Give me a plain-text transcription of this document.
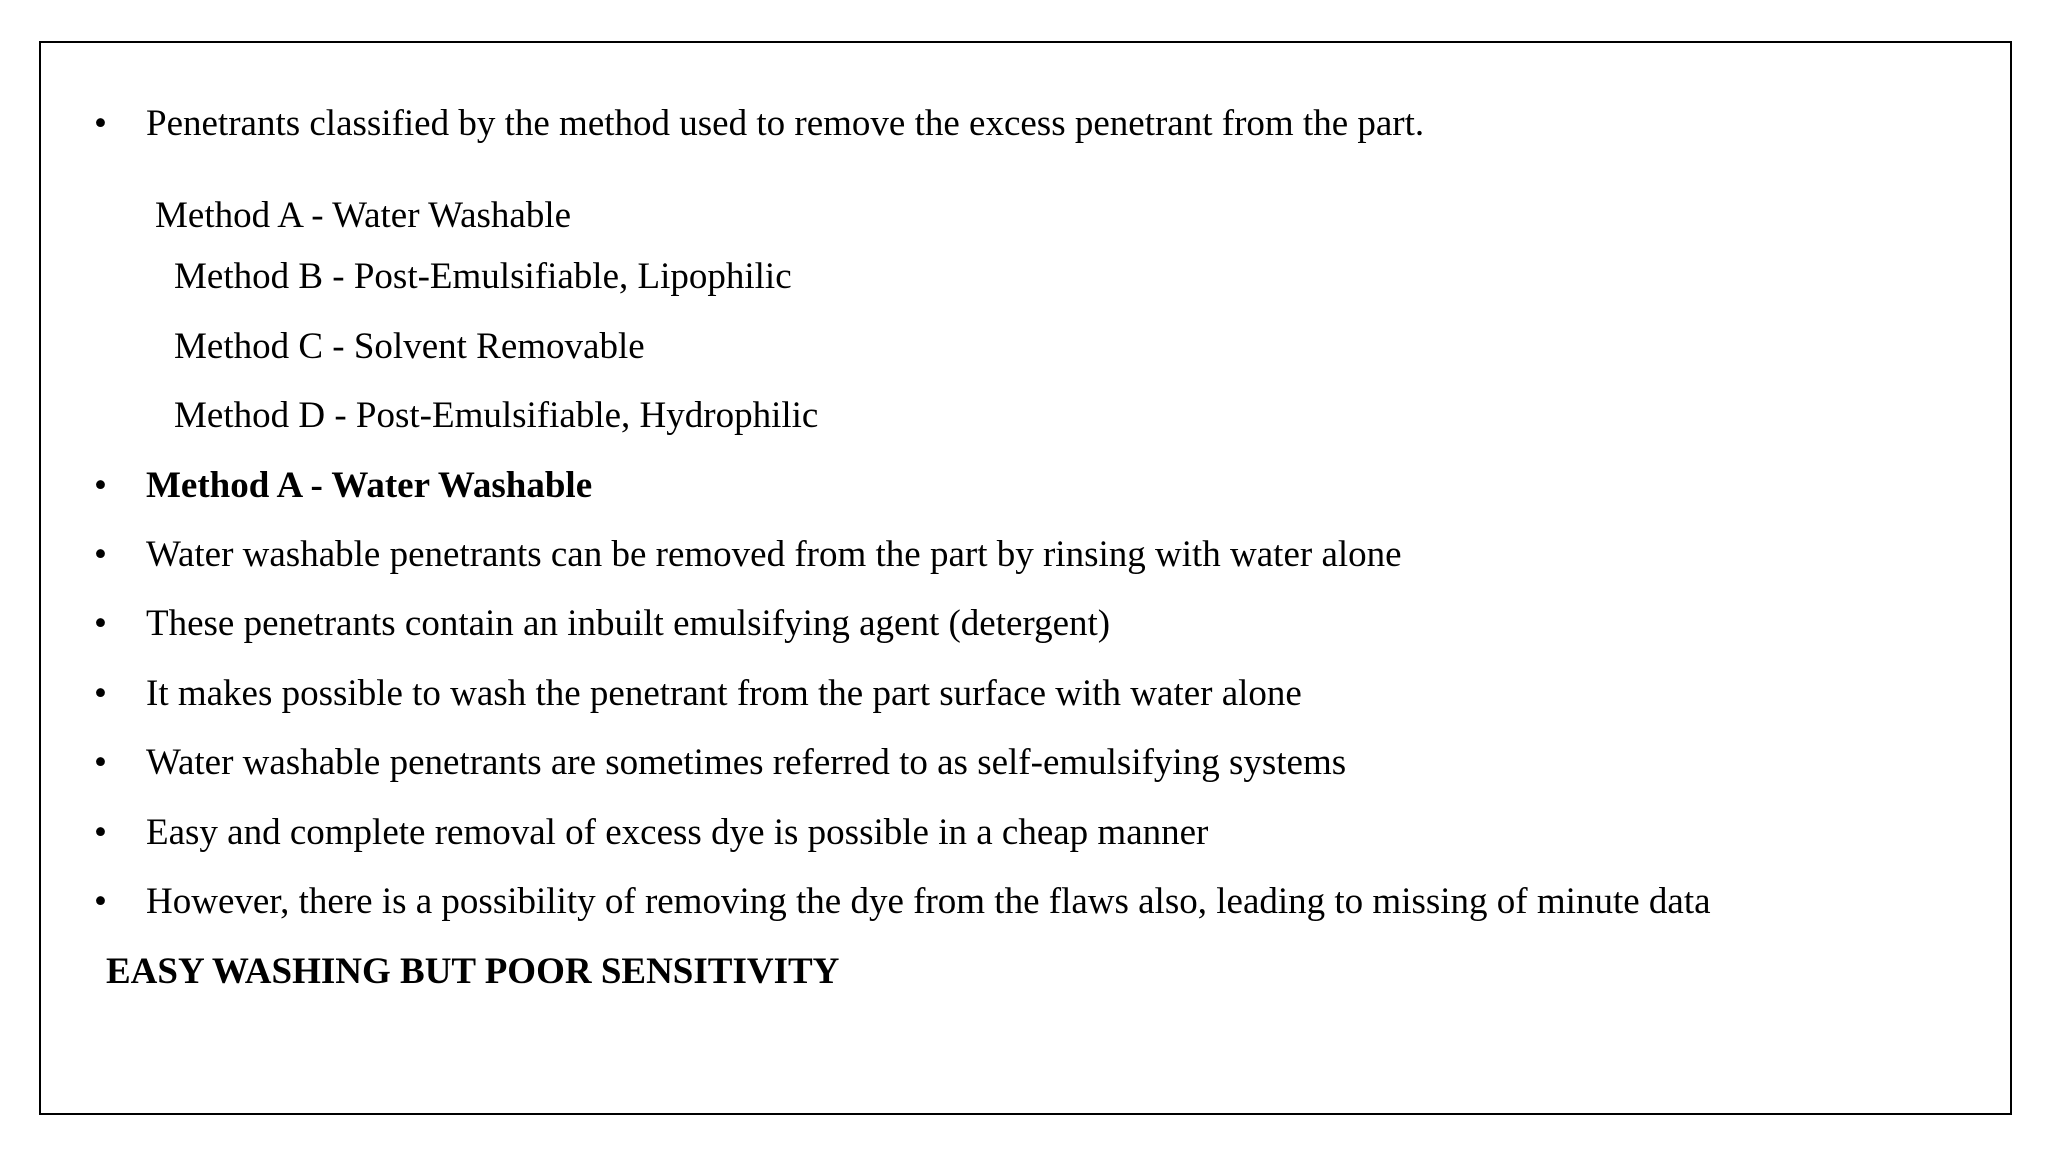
• Penetrants classified by the method used to remove the excess penetrant from the part.
Method A - Water Washable
Method B - Post-Emulsifiable, Lipophilic
Method C - Solvent Removable
Method D - Post-Emulsifiable, Hydrophilic
• Method A - Water Washable
• Water washable penetrants can be removed from the part by rinsing with water alone
• These penetrants contain an inbuilt emulsifying agent (detergent)
• It makes possible to wash the penetrant from the part surface with water alone
• Water washable penetrants are sometimes referred to as self-emulsifying systems
• Easy and complete removal of excess dye is possible in a cheap manner
• However, there is a possibility of removing the dye from the flaws also, leading to missing of minute data
EASY WASHING BUT POOR SENSITIVITY
